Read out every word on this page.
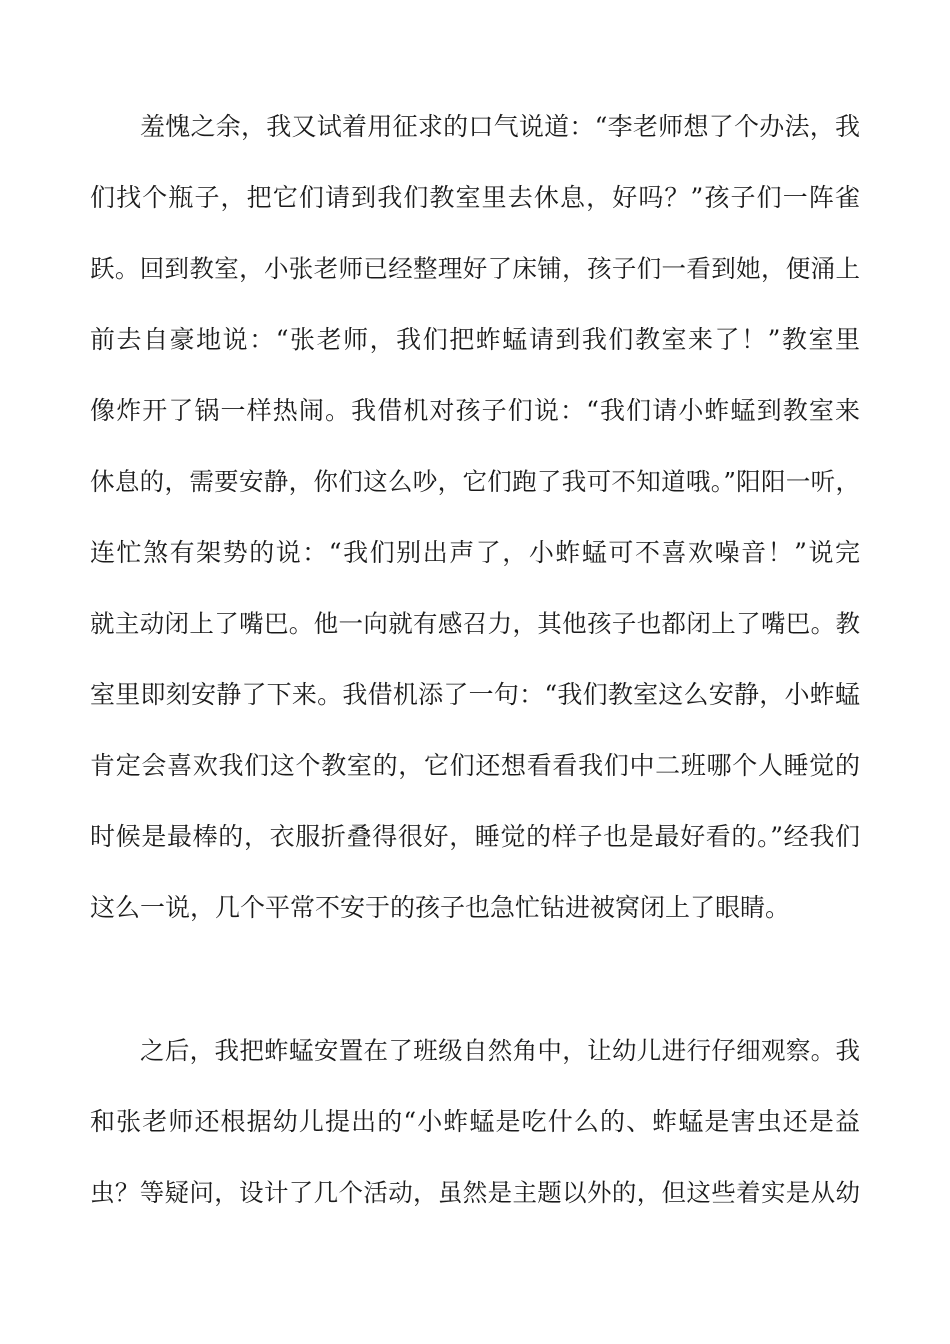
羞愧之余，我又试着用征求的口气说道：“李老师想了个办法，我
们找个瓶子，把它们请到我们教室里去休息，好吗？”孩子们一阵雀
跃。回到教室，小张老师已经整理好了床铺，孩子们一看到她，便涌上
前去自豪地说：“张老师，我们把蚱蜢请到我们教室来了！”教室里
像炸开了锅一样热闹。我借机对孩子们说：“我们请小蚱蜢到教室来
休息的，需要安静，你们这么吵，它们跑了我可不知道哦。”阳阳一听，
连忙煞有架势的说：“我们别出声了，小蚱蜢可不喜欢噪音！”说完
就主动闭上了嘴巴。他一向就有感召力，其他孩子也都闭上了嘴巴。教
室里即刻安静了下来。我借机添了一句：“我们教室这么安静，小蚱蜢
肯定会喜欢我们这个教室的，它们还想看看我们中二班哪个人睡觉的
时候是最棒的，衣服折叠得很好，睡觉的样子也是最好看的。”经我们
这么一说，几个平常不安于的孩子也急忙钻进被窝闭上了眼睛。
之后，我把蚱蜢安置在了班级自然角中，让幼儿进行仔细观察。我
和张老师还根据幼儿提出的“小蚱蜢是吃什么的、蚱蜢是害虫还是益
虫？等疑问，设计了几个活动，虽然是主题以外的，但这些着实是从幼
